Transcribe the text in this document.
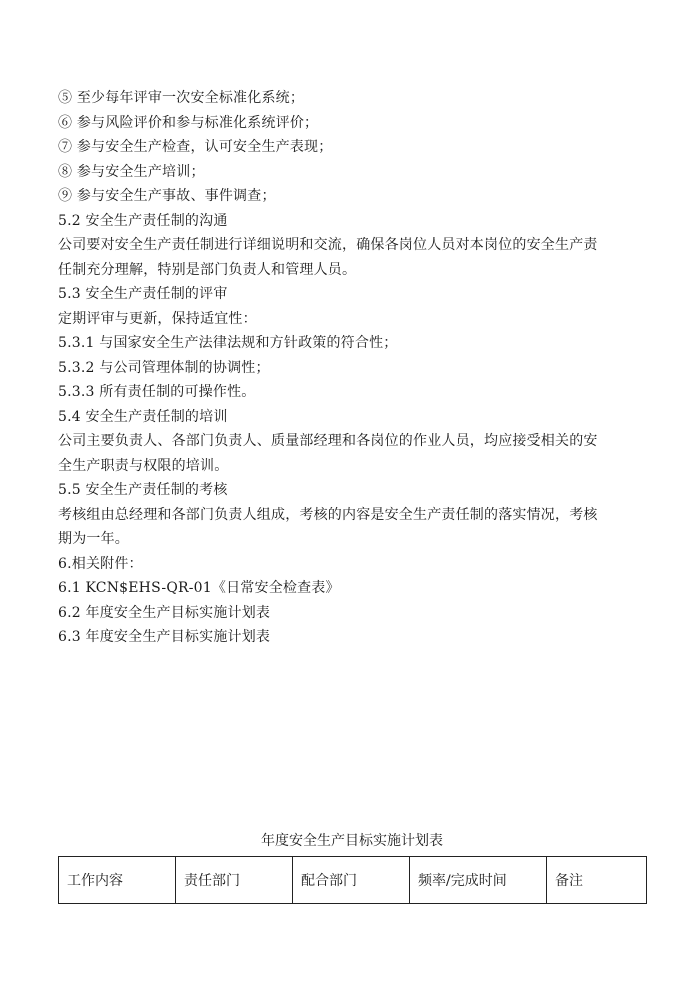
⑤ 至少每年评审一次安全标准化系统；
⑥ 参与风险评价和参与标准化系统评价；
⑦ 参与安全生产检查，认可安全生产表现；
⑧ 参与安全生产培训；
⑨ 参与安全生产事故、事件调查；
5.2 安全生产责任制的沟通
公司要对安全生产责任制进行详细说明和交流，确保各岗位人员对本岗位的安全生产责
任制充分理解，特别是部门负责人和管理人员。
5.3 安全生产责任制的评审
定期评审与更新，保持适宜性：
5.3.1 与国家安全生产法律法规和方针政策的符合性；
5.3.2 与公司管理体制的协调性；
5.3.3 所有责任制的可操作性。
5.4 安全生产责任制的培训
公司主要负责人、各部门负责人、质量部经理和各岗位的作业人员，均应接受相关的安
全生产职责与权限的培训。
5.5 安全生产责任制的考核
考核组由总经理和各部门负责人组成，考核的内容是安全生产责任制的落实情况，考核
期为一年。
6.相关附件：
6.1 KCN$EHS-QR-01《日常安全检查表》
6.2 年度安全生产目标实施计划表
6.3 年度安全生产目标实施计划表
年度安全生产目标实施计划表
工作内容	责任部门	配合部门	频率/完成时间	备注
